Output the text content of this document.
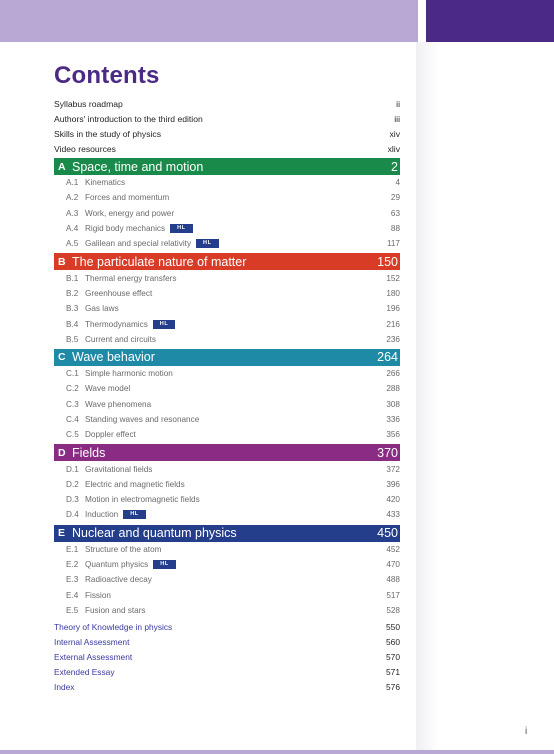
Contents
Syllabus roadmap	ii
Authors' introduction to the third edition	iii
Skills in the study of physics	xiv
Video resources	xliv
A Space, time and motion	2
A.1 Kinematics	4
A.2 Forces and momentum	29
A.3 Work, energy and power	63
A.4 Rigid body mechanics	HL	88
A.5 Galilean and special relativity	HL	117
B The particulate nature of matter	150
B.1 Thermal energy transfers	152
B.2 Greenhouse effect	180
B.3 Gas laws	196
B.4 Thermodynamics	HL	216
B.5 Current and circuits	236
C Wave behavior	264
C.1 Simple harmonic motion	266
C.2 Wave model	288
C.3 Wave phenomena	308
C.4 Standing waves and resonance	336
C.5 Doppler effect	356
D Fields	370
D.1 Gravitational fields	372
D.2 Electric and magnetic fields	396
D.3 Motion in electromagnetic fields	420
D.4 Induction	HL	433
E Nuclear and quantum physics	450
E.1 Structure of the atom	452
E.2 Quantum physics	HL	470
E.3 Radioactive decay	488
E.4 Fission	517
E.5 Fusion and stars	528
Theory of Knowledge in physics	550
Internal Assessment	560
External Assessment	570
Extended Essay	571
Index	576
i
